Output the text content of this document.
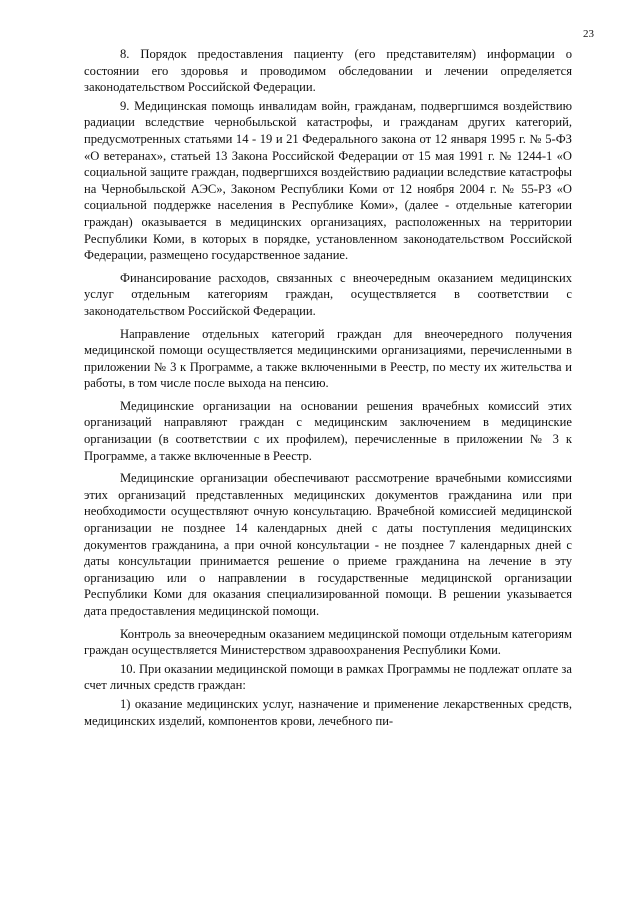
23

8. Порядок предоставления пациенту (его представителям) информации о состоянии его здоровья и проводимом обследовании и лечении определяется законодательством Российской Федерации.

9. Медицинская помощь инвалидам войн, гражданам, подвергшимся воздействию радиации вследствие чернобыльской катастрофы, и гражданам других категорий, предусмотренных статьями 14 - 19 и 21 Федерального закона от 12 января 1995 г. № 5-ФЗ «О ветеранах», статьей 13 Закона Российской Федерации от 15 мая 1991 г. № 1244-1 «О социальной защите граждан, подвергшихся воздействию радиации вследствие катастрофы на Чернобыльской АЭС», Законом Республики Коми от 12 ноября 2004 г. № 55-РЗ «О социальной поддержке населения в Республике Коми», (далее - отдельные категории граждан) оказывается в медицинских организациях, расположенных на территории Республики Коми, в которых в порядке, установленном законодательством Российской Федерации, размещено государственное задание.

Финансирование расходов, связанных с внеочередным оказанием медицинских услуг отдельным категориям граждан, осуществляется в соответствии с законодательством Российской Федерации.

Направление отдельных категорий граждан для внеочередного получения медицинской помощи осуществляется медицинскими организациями, перечисленными в приложении № 3 к Программе, а также включенными в Реестр, по месту их жительства и работы, в том числе после выхода на пенсию.

Медицинские организации на основании решения врачебных комиссий этих организаций направляют граждан с медицинским заключением в медицинские организации (в соответствии с их профилем), перечисленные в приложении № 3 к Программе, а также включенные в Реестр.

Медицинские организации обеспечивают рассмотрение врачебными комиссиями этих организаций представленных медицинских документов гражданина или при необходимости осуществляют очную консультацию. Врачебной комиссией медицинской организации не позднее 14 календарных дней с даты поступления медицинских документов гражданина, а при очной консультации - не позднее 7 календарных дней с даты консультации принимается решение о приеме гражданина на лечение в эту организацию или о направлении в государственные медицинской организации Республики Коми для оказания специализированной помощи. В решении указывается дата предоставления медицинской помощи.

Контроль за внеочередным оказанием медицинской помощи отдельным категориям граждан осуществляется Министерством здравоохранения Республики Коми.

10. При оказании медицинской помощи в рамках Программы не подлежат оплате за счет личных средств граждан:

1) оказание медицинских услуг, назначение и применение лекарственных средств, медицинских изделий, компонентов крови, лечебного пи-
